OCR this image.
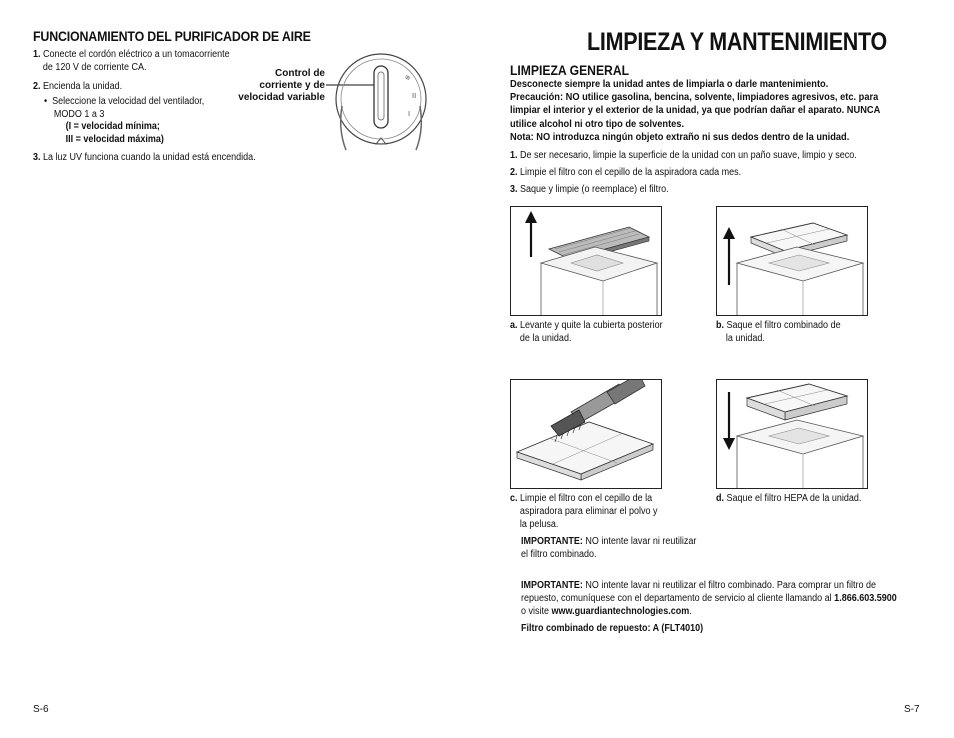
FUNCIONAMIENTO DEL PURIFICADOR DE AIRE
1. Conecte el cordón eléctrico a un tomacorriente
de 120 V de corriente CA.
2. Encienda la unidad.
• Seleccione la velocidad del ventilador,
MODO 1 a 3
(I = velocidad mínima;
III = velocidad máxima)
3. La luz UV funciona cuando la unidad está encendida.
Control de
corriente y de
velocidad variable
≡
II
I
S-6
LIMPIEZA Y MANTENIMIENTO
LIMPIEZA GENERAL
Desconecte siempre la unidad antes de limpiarla o darle mantenimiento.
Precaución: NO utilice gasolina, bencina, solvente, limpiadores agresivos, etc. para
limpiar el interior y el exterior de la unidad, ya que podrían dañar el aparato. NUNCA
utilice alcohol ni otro tipo de solventes.
Nota: NO introduzca ningún objeto extraño ni sus dedos dentro de la unidad.
1. De ser necesario, limpie la superficie de la unidad con un paño suave, limpio y seco.
2. Limpie el filtro con el cepillo de la aspiradora cada mes.
3. Saque y limpie (o reemplace) el filtro.
a. Levante y quite la cubierta posterior
de la unidad.
b. Saque el filtro combinado de
la unidad.
c. Limpie el filtro con el cepillo de la
aspiradora para eliminar el polvo y
la pelusa.
IMPORTANTE: NO intente lavar ni reutilizar
el filtro combinado.
d. Saque el filtro HEPA de la unidad.
IMPORTANTE: NO intente lavar ni reutilizar el filtro combinado. Para comprar un filtro de
repuesto, comuníquese con el departamento de servicio al cliente llamando al 1.866.603.5900
o visite www.guardiantechnologies.com.
Filtro combinado de repuesto: A (FLT4010)
S-7
